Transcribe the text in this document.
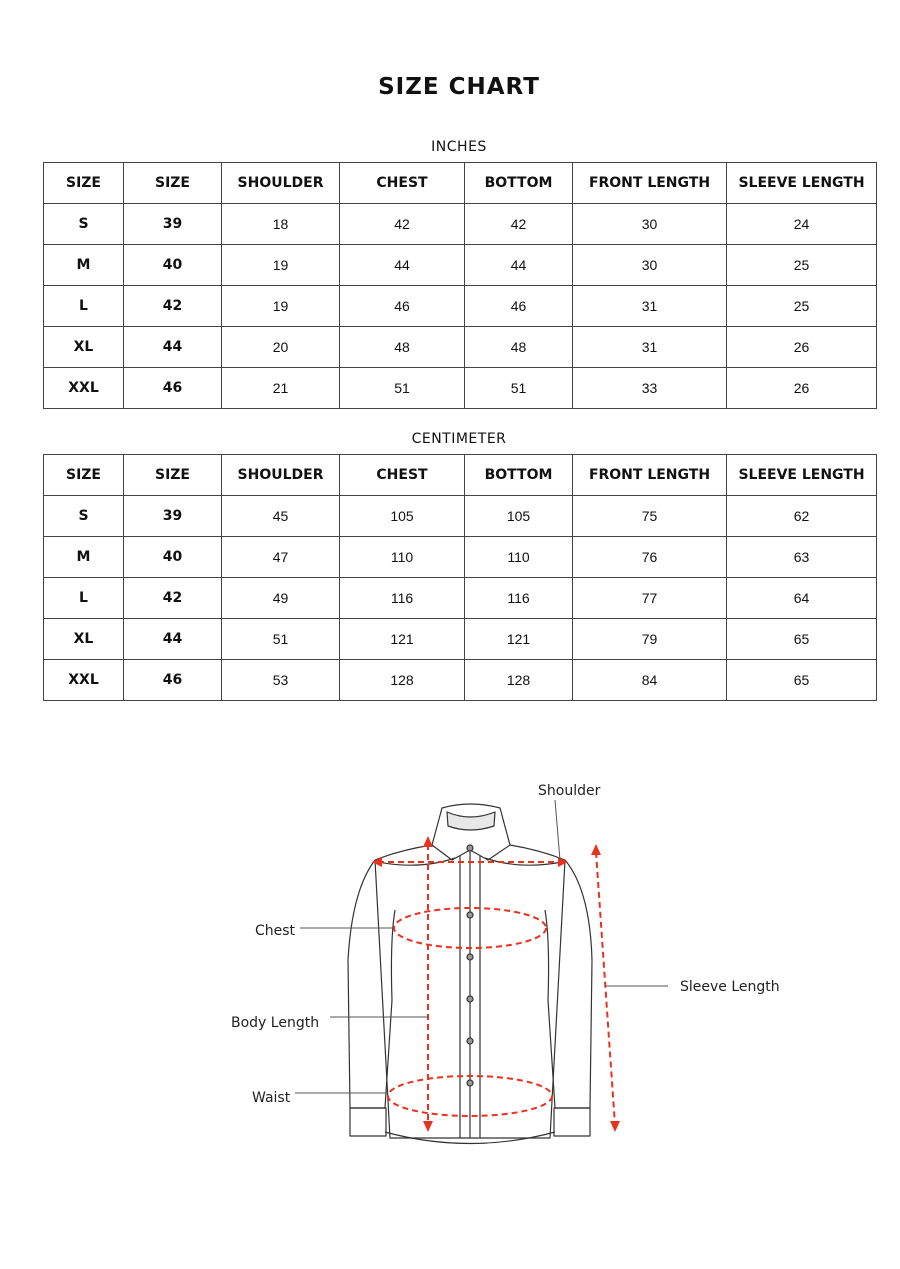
SIZE CHART
INCHES
SIZE	SIZE	SHOULDER	CHEST	BOTTOM	FRONT LENGTH	SLEEVE LENGTH
S	39	18	42	42	30	24
M	40	19	44	44	30	25
L	42	19	46	46	31	25
XL	44	20	48	48	31	26
XXL	46	21	51	51	33	26
CENTIMETER
SIZE	SIZE	SHOULDER	CHEST	BOTTOM	FRONT LENGTH	SLEEVE LENGTH
S	39	45	105	105	75	62
M	40	47	110	110	76	63
L	42	49	116	116	77	64
XL	44	51	121	121	79	65
XXL	46	53	128	128	84	65
Shoulder
Chest
Body Length
Waist
Sleeve Length
